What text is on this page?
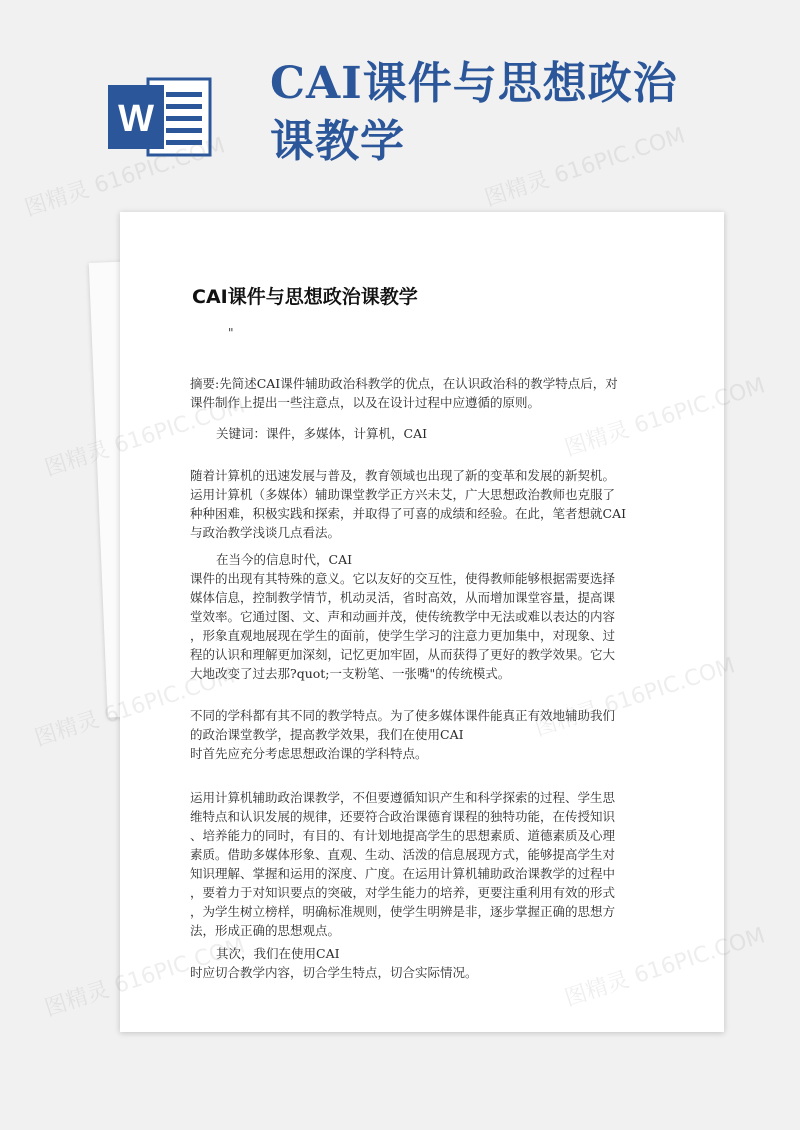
W
CAI课件与思想政治
课教学
CAI课件与思想政治课教学
"
摘要:先简述CAI课件辅助政治科教学的优点，在认识政治科的教学特点后，对
课件制作上提出一些注意点，以及在设计过程中应遵循的原则。
关键词：课件，多媒体，计算机，CAI
随着计算机的迅速发展与普及，教育领域也出现了新的变革和发展的新契机。
运用计算机（多媒体）辅助课堂教学正方兴未艾，广大思想政治教师也克服了
种种困难，积极实践和探索，并取得了可喜的成绩和经验。在此，笔者想就CAI
与政治教学浅谈几点看法。
在当今的信息时代，CAI
课件的出现有其特殊的意义。它以友好的交互性，使得教师能够根据需要选择
媒体信息，控制教学情节，机动灵活，省时高效，从而增加课堂容量，提高课
堂效率。它通过图、文、声和动画并茂，使传统教学中无法或难以表达的内容
，形象直观地展现在学生的面前，使学生学习的注意力更加集中，对现象、过
程的认识和理解更加深刻，记忆更加牢固，从而获得了更好的教学效果。它大
大地改变了过去那?quot;一支粉笔、一张嘴"的传统模式。
不同的学科都有其不同的教学特点。为了使多媒体课件能真正有效地辅助我们
的政治课堂教学，提高教学效果，我们在使用CAI
时首先应充分考虑思想政治课的学科特点。
运用计算机辅助政治课教学，不但要遵循知识产生和科学探索的过程、学生思
维特点和认识发展的规律，还要符合政治课德育课程的独特功能，在传授知识
、培养能力的同时，有目的、有计划地提高学生的思想素质、道德素质及心理
素质。借助多媒体形象、直观、生动、活泼的信息展现方式，能够提高学生对
知识理解、掌握和运用的深度、广度。在运用计算机辅助政治课教学的过程中
，要着力于对知识要点的突破，对学生能力的培养，更要注重利用有效的形式
，为学生树立榜样，明确标准规则，使学生明辨是非，逐步掌握正确的思想方
法，形成正确的思想观点。
其次，我们在使用CAI
时应切合教学内容，切合学生特点，切合实际情况。
图精灵 616PIC.COM	图精灵 616PIC.COM
图精灵
图精灵
图精灵
